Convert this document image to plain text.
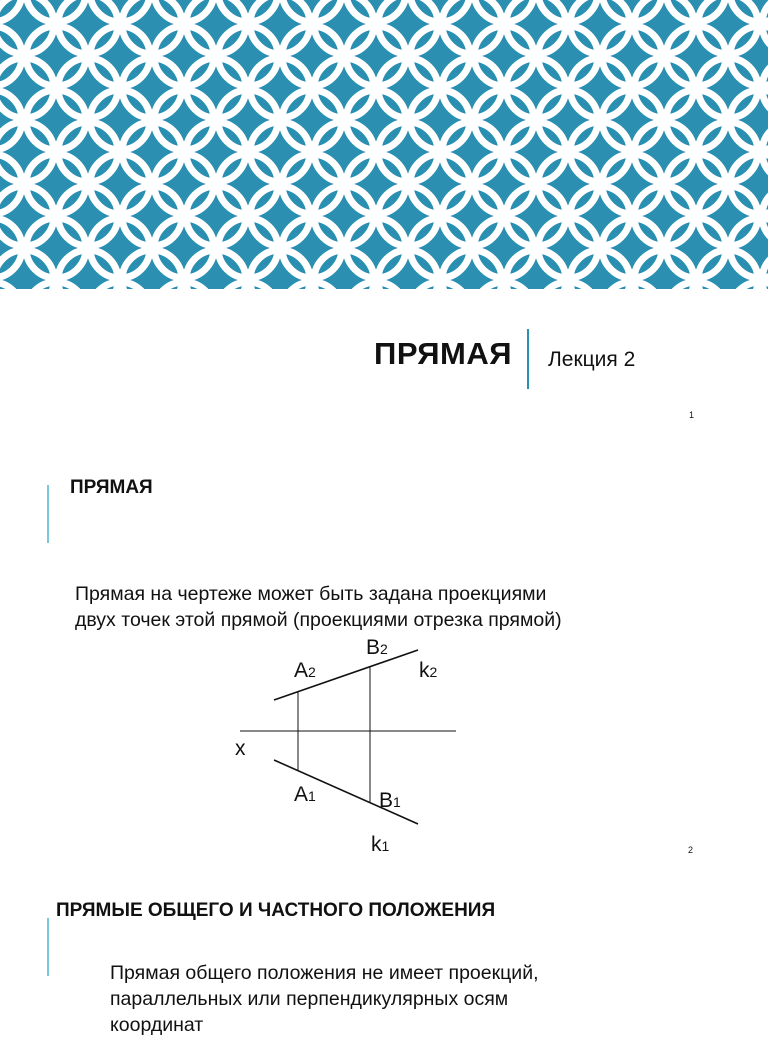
ПРЯМАЯ Лекция 2
1
ПРЯМАЯ
Прямая на чертеже может быть задана проекциями
двух точек этой прямой (проекциями отрезка прямой)
B2
A2	k2
x
A1	B1
k1	2
ПРЯМЫЕ ОБЩЕГО И ЧАСТНОГО ПОЛОЖЕНИЯ
Прямая общего положения не имеет проекций,
параллельных или перпендикулярных осям
координат
